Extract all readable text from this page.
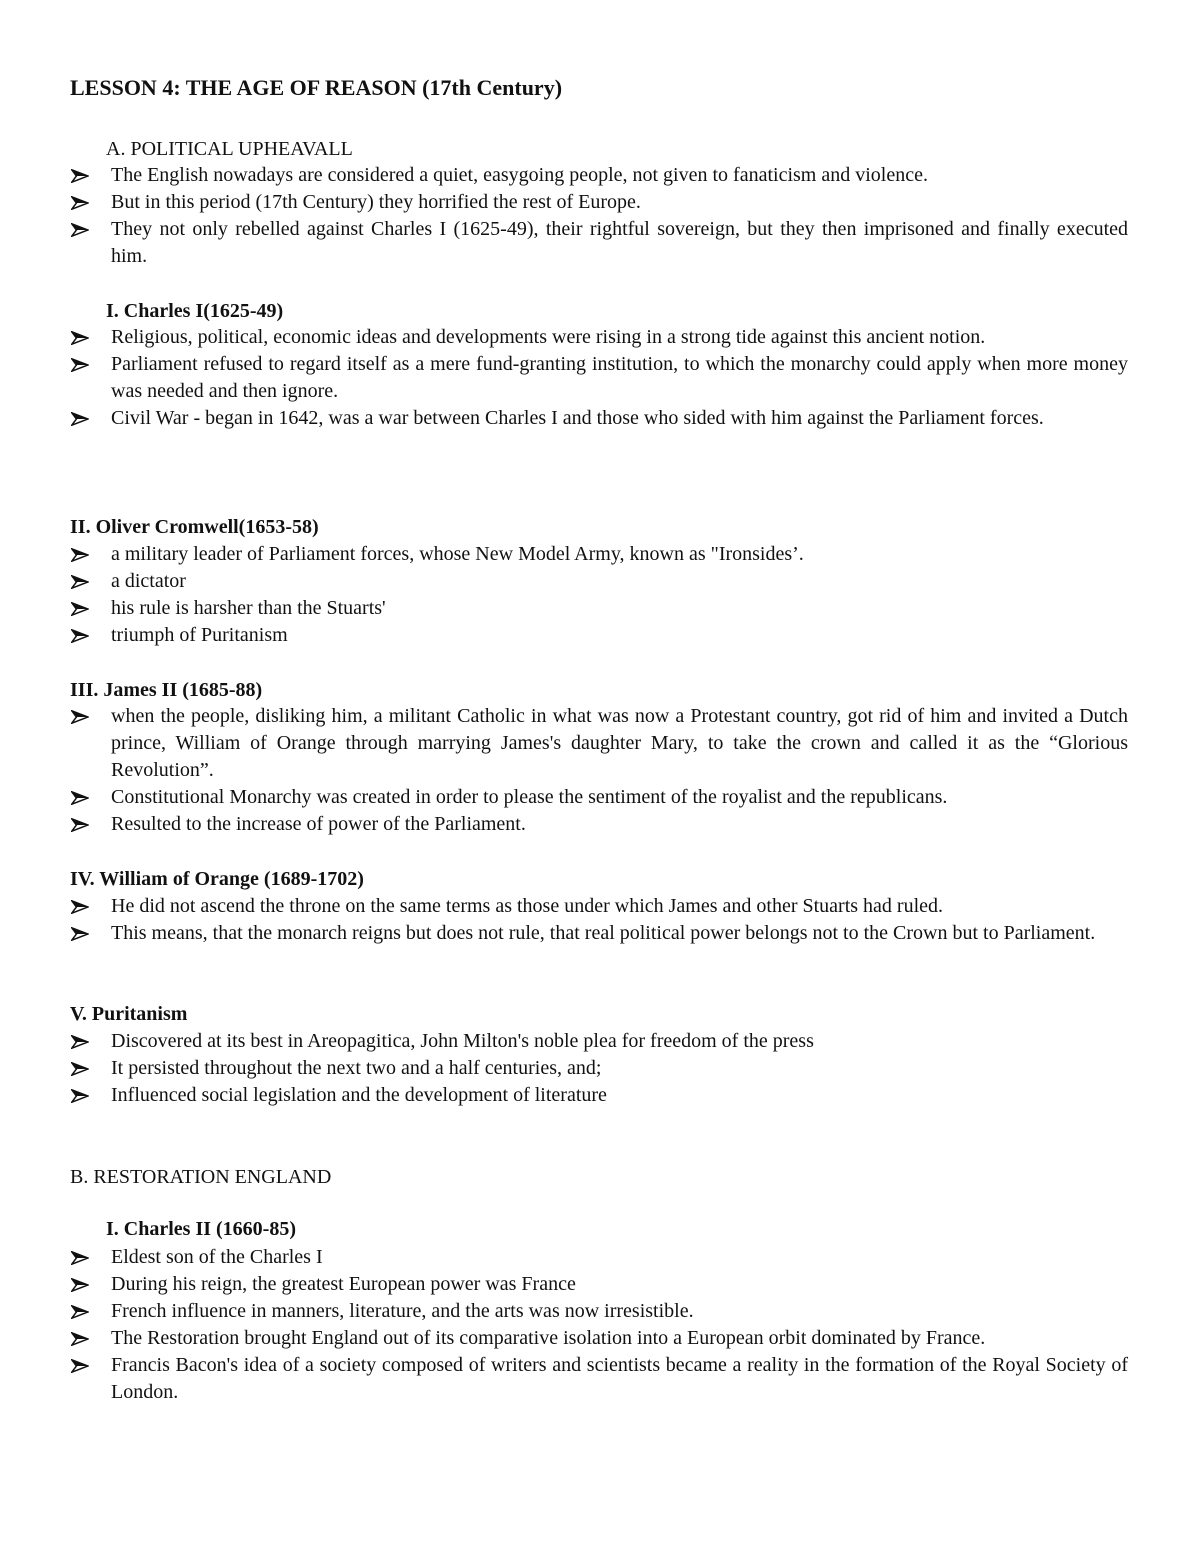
LESSON 4: THE AGE OF REASON (17th Century)
A. POLITICAL UPHEAVALL
The English nowadays are considered a quiet, easygoing people, not given to fanaticism and violence.
But in this period (17th Century) they horrified the rest of Europe.
They not only rebelled against Charles I (1625-49), their rightful sovereign, but they then imprisoned and finally executed him.
I. Charles I(1625-49)
Religious, political, economic ideas and developments were rising in a strong tide against this ancient notion.
Parliament refused to regard itself as a mere fund-granting institution, to which the monarchy could apply when more money was needed and then ignore.
Civil War - began in 1642, was a war between Charles I and those who sided with him against the Parliament forces.
II. Oliver Cromwell(1653-58)
a military leader of Parliament forces, whose New Model Army, known as "Ironsides’.
a dictator
his rule is harsher than the Stuarts'
triumph of Puritanism
III. James II (1685-88)
when the people, disliking him, a militant Catholic in what was now a Protestant country, got rid of him and invited a Dutch prince, William of Orange through marrying James's daughter Mary, to take the crown and called it as the “Glorious Revolution”.
Constitutional Monarchy was created in order to please the sentiment of the royalist and the republicans.
Resulted to the increase of power of the Parliament.
IV. William of Orange (1689-1702)
He did not ascend the throne on the same terms as those under which James and other Stuarts had ruled.
This means, that the monarch reigns but does not rule, that real political power belongs not to the Crown but to Parliament.
V. Puritanism
Discovered at its best in Areopagitica, John Milton's noble plea for freedom of the press
It persisted throughout the next two and a half centuries, and;
Influenced social legislation and the development of literature
B. RESTORATION ENGLAND
I. Charles II (1660-85)
Eldest son of the Charles I
During his reign, the greatest European power was France
French influence in manners, literature, and the arts was now irresistible.
The Restoration brought England out of its comparative isolation into a European orbit dominated by France.
Francis Bacon's idea of a society composed of writers and scientists became a reality in the formation of the Royal Society of London.
